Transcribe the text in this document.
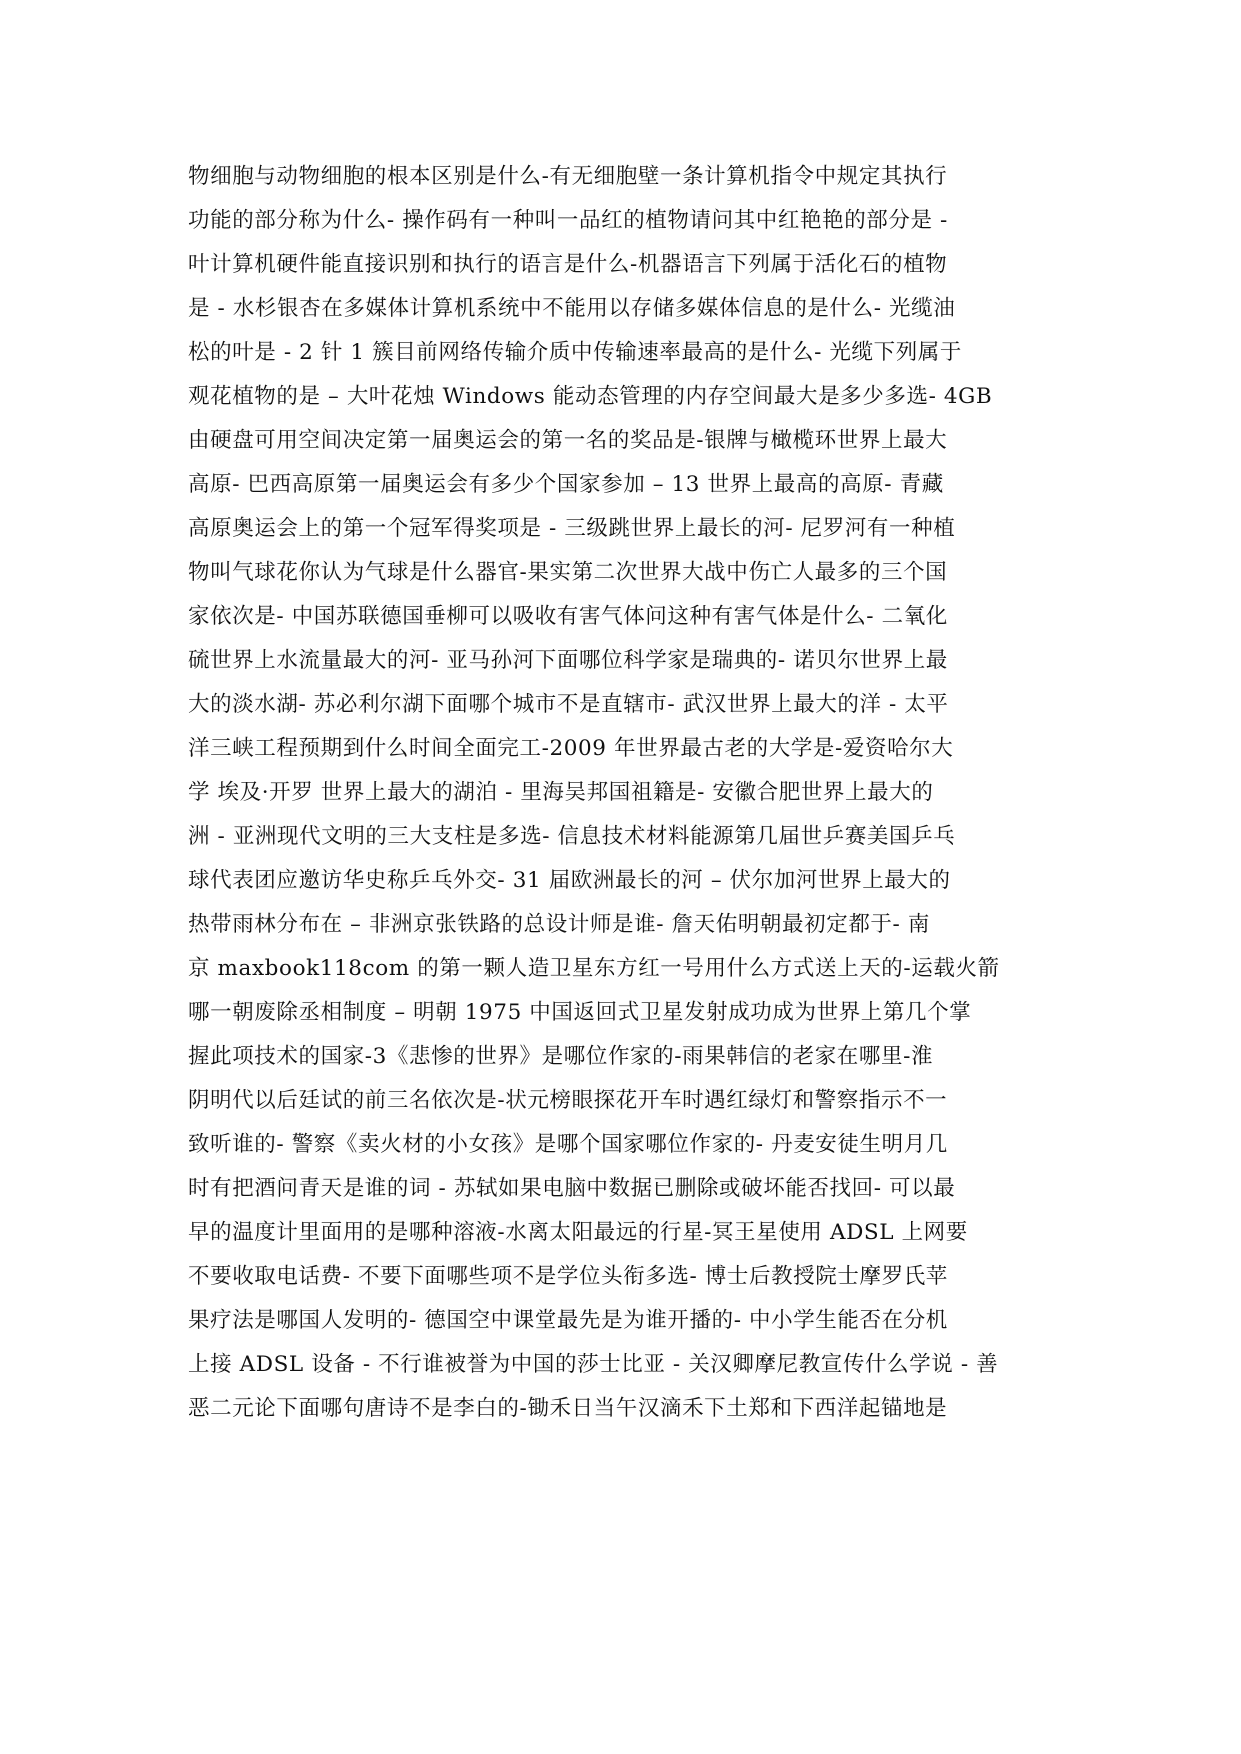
物细胞与动物细胞的根本区别是什么-有无细胞壁一条计算机指令中规定其执行
功能的部分称为什么- 操作码有一种叫一品红的植物请问其中红艳艳的部分是 -
叶计算机硬件能直接识别和执行的语言是什么-机器语言下列属于活化石的植物
是 - 水杉银杏在多媒体计算机系统中不能用以存储多媒体信息的是什么- 光缆油
松的叶是 - 2 针 1 簇目前网络传输介质中传输速率最高的是什么- 光缆下列属于
观花植物的是 – 大叶花烛 Windows 能动态管理的内存空间最大是多少多选- 4GB
由硬盘可用空间决定第一届奥运会的第一名的奖品是-银牌与橄榄环世界上最大
高原- 巴西高原第一届奥运会有多少个国家参加 – 13 世界上最高的高原- 青藏
高原奥运会上的第一个冠军得奖项是 - 三级跳世界上最长的河- 尼罗河有一种植
物叫气球花你认为气球是什么器官-果实第二次世界大战中伤亡人最多的三个国
家依次是- 中国苏联德国垂柳可以吸收有害气体问这种有害气体是什么- 二氧化
硫世界上水流量最大的河- 亚马孙河下面哪位科学家是瑞典的- 诺贝尔世界上最
大的淡水湖- 苏必利尔湖下面哪个城市不是直辖市- 武汉世界上最大的洋 - 太平
洋三峡工程预期到什么时间全面完工-2009 年世界最古老的大学是-爱资哈尔大
学 埃及·开罗 世界上最大的湖泊 - 里海吴邦国祖籍是- 安徽合肥世界上最大的
洲 - 亚洲现代文明的三大支柱是多选- 信息技术材料能源第几届世乒赛美国乒乓
球代表团应邀访华史称乒乓外交- 31 届欧洲最长的河 – 伏尔加河世界上最大的
热带雨林分布在 – 非洲京张铁路的总设计师是谁- 詹天佑明朝最初定都于- 南
京 maxbook118com 的第一颗人造卫星东方红一号用什么方式送上天的-运载火箭
哪一朝废除丞相制度 – 明朝 1975 中国返回式卫星发射成功成为世界上第几个掌
握此项技术的国家-3《悲惨的世界》是哪位作家的-雨果韩信的老家在哪里-淮
阴明代以后廷试的前三名依次是-状元榜眼探花开车时遇红绿灯和警察指示不一
致听谁的- 警察《卖火材的小女孩》是哪个国家哪位作家的- 丹麦安徒生明月几
时有把酒问青天是谁的词 - 苏轼如果电脑中数据已删除或破坏能否找回- 可以最
早的温度计里面用的是哪种溶液-水离太阳最远的行星-冥王星使用 ADSL 上网要
不要收取电话费- 不要下面哪些项不是学位头衔多选- 博士后教授院士摩罗氏苹
果疗法是哪国人发明的- 德国空中课堂最先是为谁开播的- 中小学生能否在分机
上接 ADSL 设备 - 不行谁被誉为中国的莎士比亚 - 关汉卿摩尼教宣传什么学说 - 善
恶二元论下面哪句唐诗不是李白的-锄禾日当午汉滴禾下土郑和下西洋起锚地是
